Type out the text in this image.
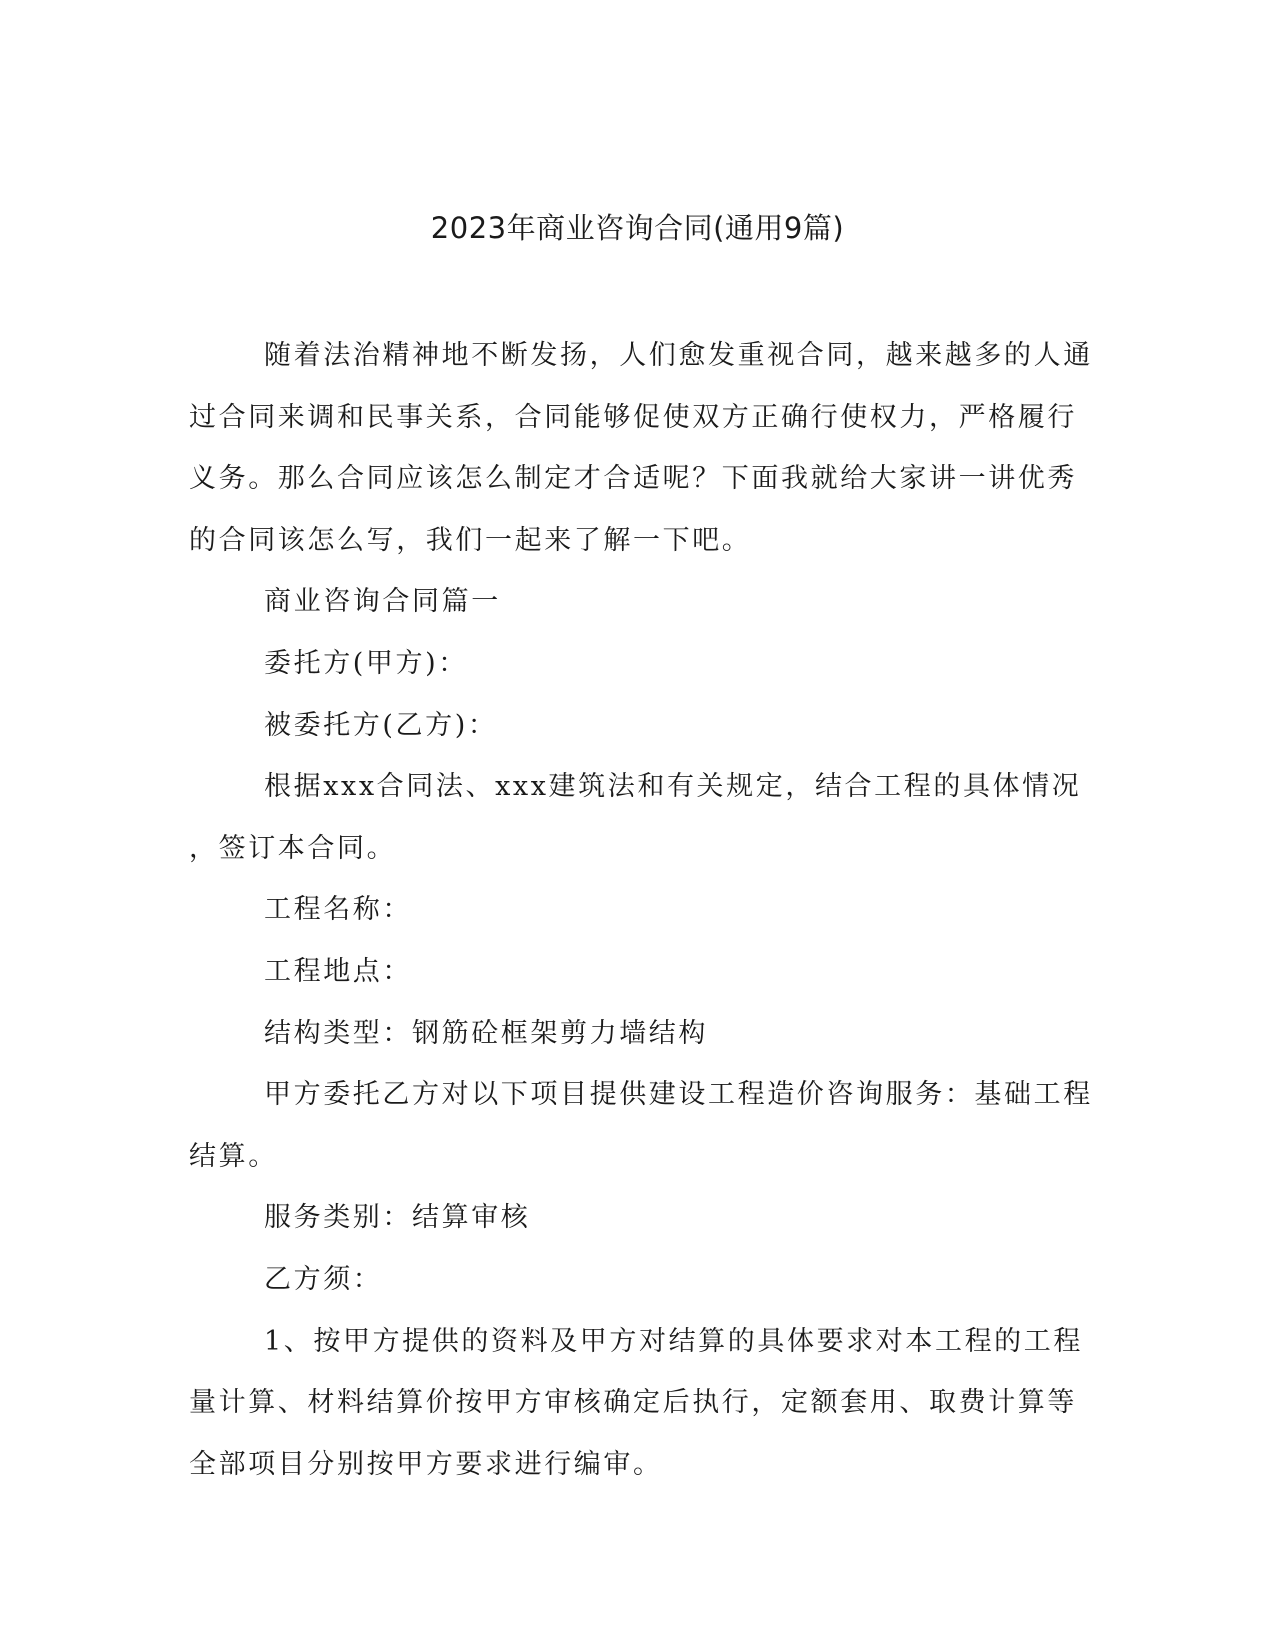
2023年商业咨询合同(通用9篇)

随着法治精神地不断发扬，人们愈发重视合同，越来越多的人通

过合同来调和民事关系，合同能够促使双方正确行使权力，严格履行

义务。那么合同应该怎么制定才合适呢？下面我就给大家讲一讲优秀

的合同该怎么写，我们一起来了解一下吧。

商业咨询合同篇一

委托方(甲方)：

被委托方(乙方)：

根据xxx合同法、xxx建筑法和有关规定，结合工程的具体情况

，签订本合同。

工程名称：

工程地点：

结构类型：钢筋砼框架剪力墙结构

甲方委托乙方对以下项目提供建设工程造价咨询服务：基础工程

结算。

服务类别：结算审核

乙方须：

1、按甲方提供的资料及甲方对结算的具体要求对本工程的工程

量计算、材料结算价按甲方审核确定后执行，定额套用、取费计算等

全部项目分别按甲方要求进行编审。
